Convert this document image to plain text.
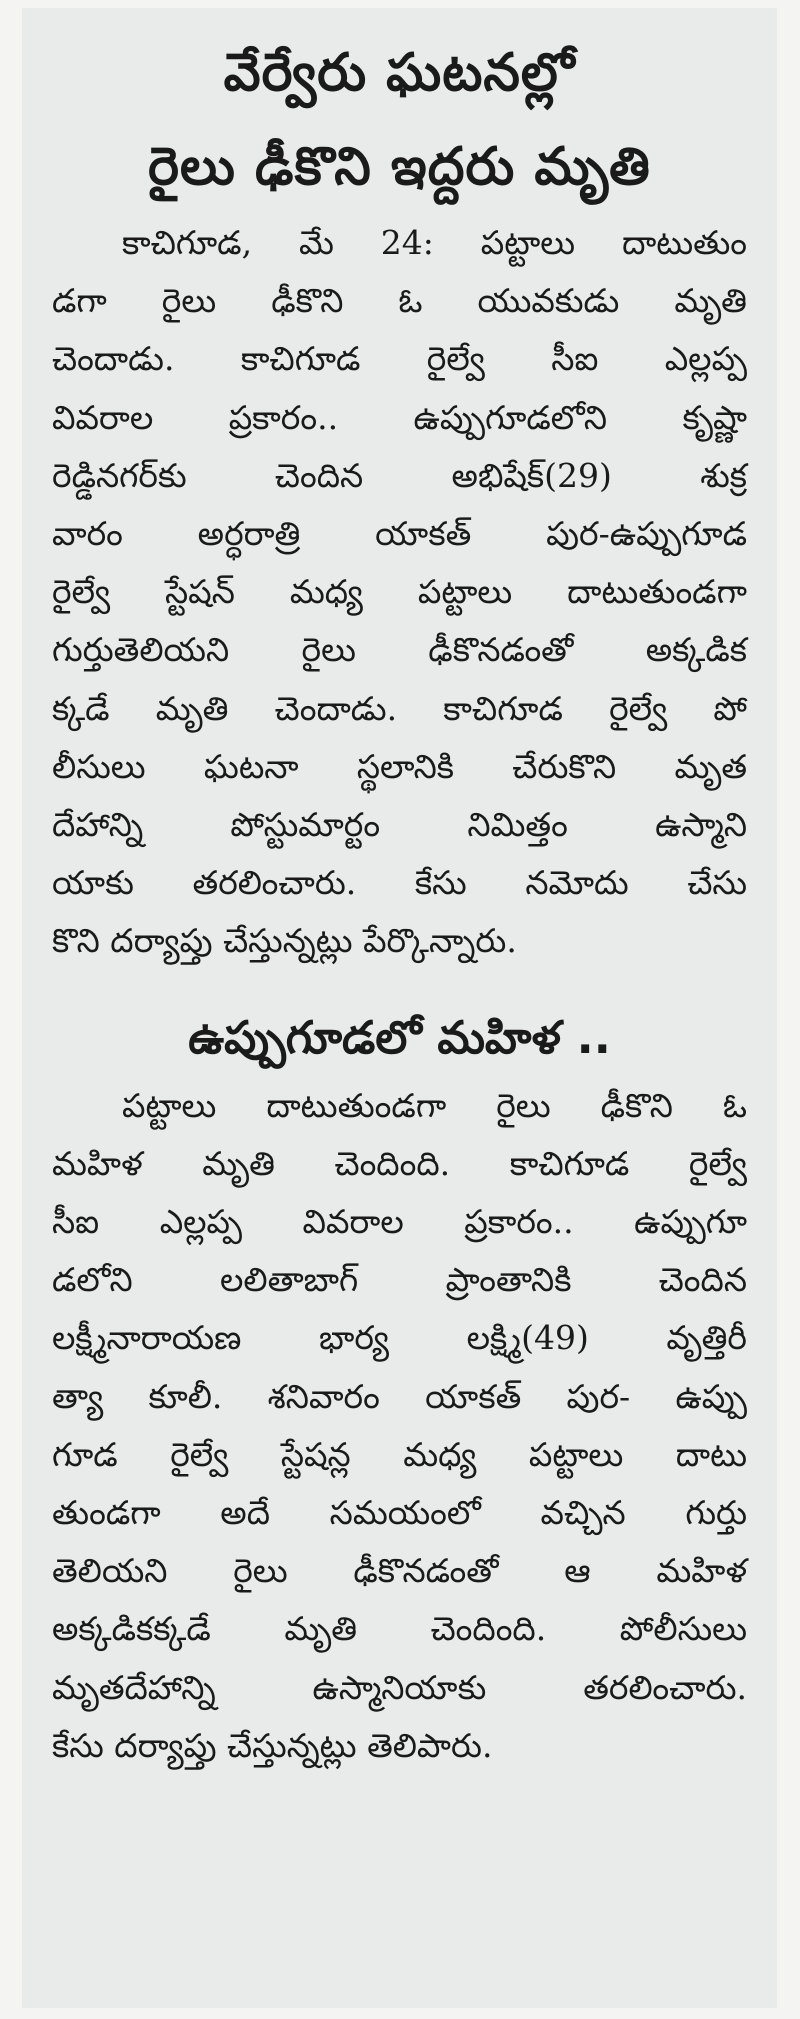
వేర్వేరు ఘటనల్లో
రైలు ఢీకొని ఇద్దరు మృతి
కాచిగూడ, మే 24: పట్టాలు దాటుతుం
డగా రైలు ఢీకొని ఓ యువకుడు మృతి
చెందాడు. కాచిగూడ రైల్వే సీఐ ఎల్లప్ప
వివరాల ప్రకారం.. ఉప్పుగూడలోని కృష్ణా
రెడ్డినగర్‌కు చెందిన అభిషేక్(29) శుక్ర
వారం అర్ధరాత్రి యాకత్ పుర-ఉప్పుగూడ
రైల్వే స్టేషన్ మధ్య పట్టాలు దాటుతుండగా
గుర్తుతెలియని రైలు ఢీకొనడంతో అక్కడిక
క్కడే మృతి చెందాడు. కాచిగూడ రైల్వే పో
లీసులు ఘటనా స్థలానికి చేరుకొని మృత
దేహాన్ని పోస్టుమార్టం నిమిత్తం ఉస్మాని
యాకు తరలించారు. కేసు నమోదు చేసు
కొని దర్యాప్తు చేస్తున్నట్లు పేర్కొన్నారు.
ఉప్పుగూడలో మహిళ ..
పట్టాలు దాటుతుండగా రైలు ఢీకొని ఓ
మహిళ మృతి చెందింది. కాచిగూడ రైల్వే
సీఐ ఎల్లప్ప వివరాల ప్రకారం.. ఉప్పుగూ
డలోని లలితాబాగ్ ప్రాంతానికి చెందిన
లక్ష్మీనారాయణ భార్య లక్ష్మి(49) వృత్తిరీ
త్యా కూలీ. శనివారం యాకత్ పుర- ఉప్పు
గూడ రైల్వే స్టేషన్ల మధ్య పట్టాలు దాటు
తుండగా అదే సమయంలో వచ్చిన గుర్తు
తెలియని రైలు ఢీకొనడంతో ఆ మహిళ
అక్కడికక్కడే మృతి చెందింది. పోలీసులు
మృతదేహాన్ని ఉస్మానియాకు తరలించారు.
కేసు దర్యాప్తు చేస్తున్నట్లు తెలిపారు.
